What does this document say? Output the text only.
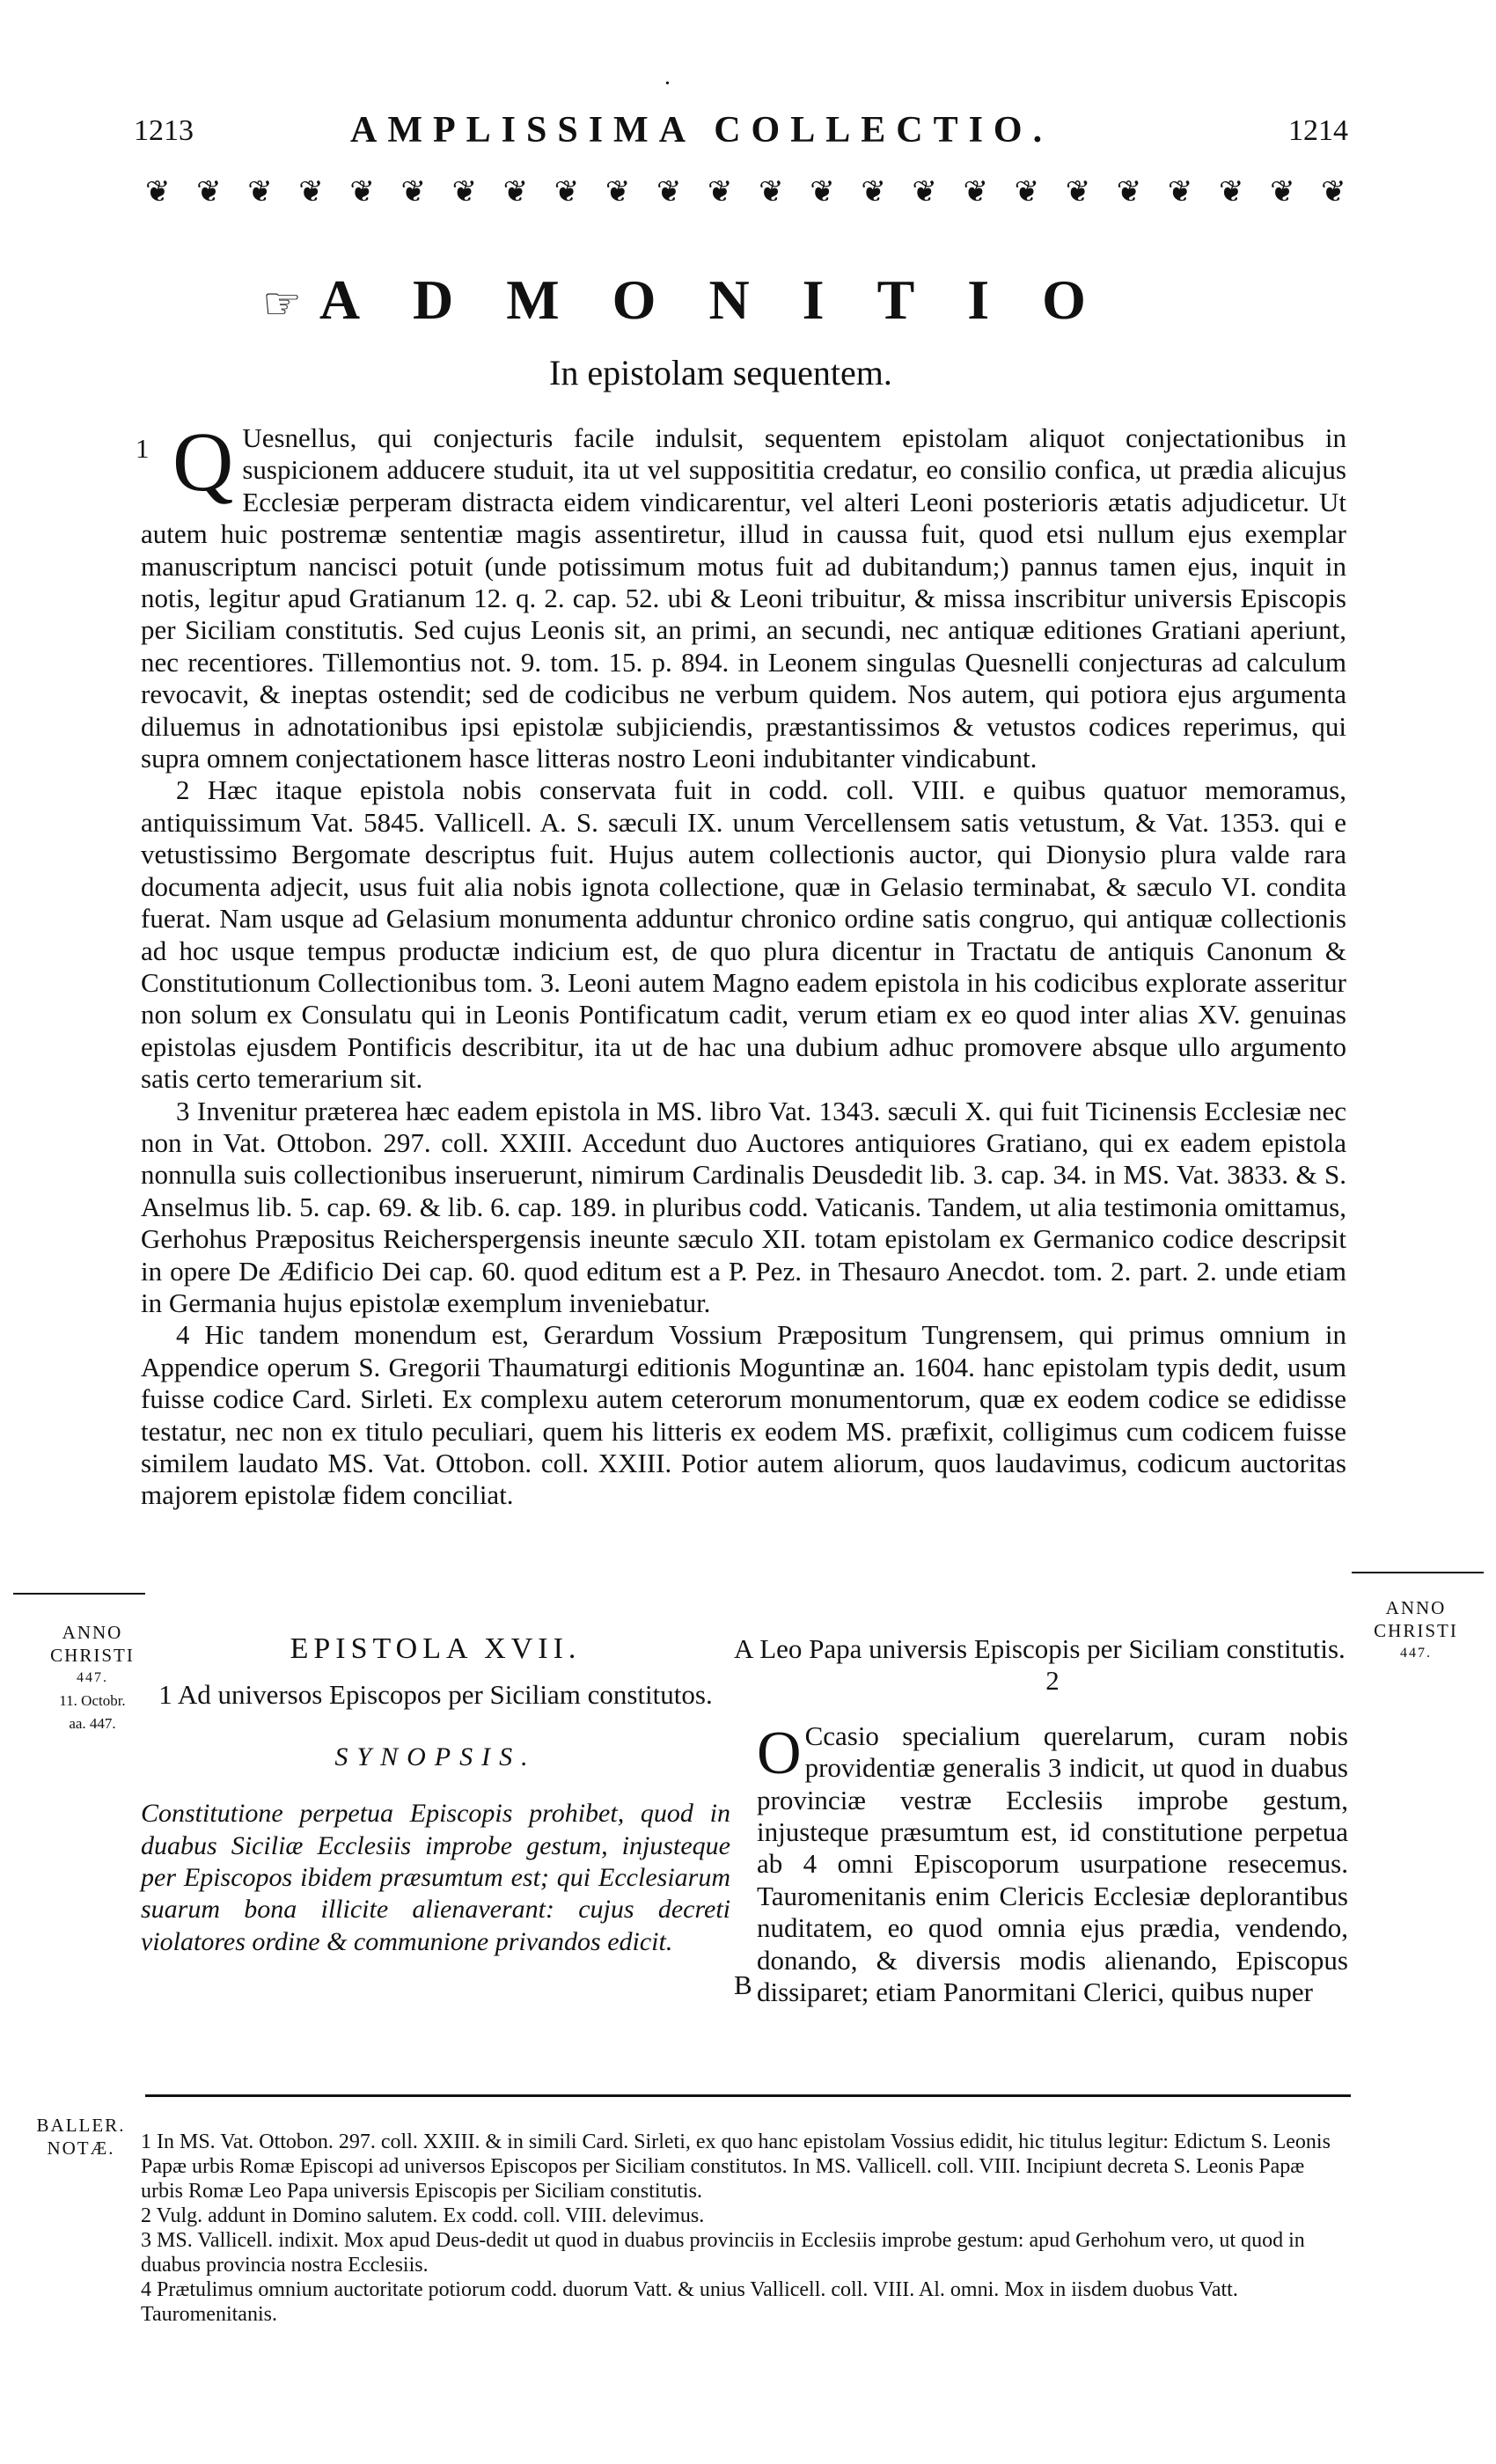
•
1213	AMPLISSIMA COLLECTIO.	1214
❦ ❦ ❦ ❦ ❦ ❦ ❦ ❦ ❦ ❦ ❦ ❦ ❦ ❦ ❦ ❦ ❦ ❦ ❦ ❦ ❦ ❦ ❦ ❦
☞ ADMONITIO
In epistolam sequentem.

1 Q Uesnellus, qui conjecturis facile indulsit, sequentem epistolam aliquot conjectationibus in suspicionem adducere studuit, ita ut vel supposititia credatur, eo consilio confica, ut prædia alicujus Ecclesiæ perperam distracta eidem vindicarentur, vel alteri Leoni posterioris ætatis adjudicetur. Ut autem huic postremæ sententiæ magis assentiretur, illud in caussa fuit, quod etsi nullum ejus exemplar manuscriptum nancisci potuit (unde potissimum motus fuit ad dubitandum;) pannus tamen ejus, inquit in notis, legitur apud Gratianum 12. q. 2. cap. 52. ubi & Leoni tribuitur, & missa inscribitur universis Episcopis per Siciliam constitutis. Sed cujus Leonis sit, an primi, an secundi, nec antiquæ editiones Gratiani aperiunt, nec recentiores. Tillemontius not. 9. tom. 15. p. 894. in Leonem singulas Quesnelli conjecturas ad calculum revocavit, & ineptas ostendit; sed de codicibus ne verbum quidem. Nos autem, qui potiora ejus argumenta diluemus in adnotationibus ipsi epistolæ subjiciendis, præstantissimos & vetustos codices reperimus, qui supra omnem conjectationem hasce litteras nostro Leoni indubitanter vindicabunt.

2 Hæc itaque epistola nobis conservata fuit in codd. coll. VIII. e quibus quatuor memoramus, antiquissimum Vat. 5845. Vallicell. A. S. sæculi IX. unum Vercellensem satis vetustum, & Vat. 1353. qui e vetustissimo Bergomate descriptus fuit. Hujus autem collectionis auctor, qui Dionysio plura valde rara documenta adjecit, usus fuit alia nobis ignota collectione, quæ in Gelasio terminabat, & sæculo VI. condita fuerat. Nam usque ad Gelasium monumenta adduntur chronico ordine satis congruo, qui antiquæ collectionis ad hoc usque tempus productæ indicium est, de quo plura dicentur in Tractatu de antiquis Canonum & Constitutionum Collectionibus tom. 3. Leoni autem Magno eadem epistola in his codicibus explorate asseritur non solum ex Consulatu qui in Leonis Pontificatum cadit, verum etiam ex eo quod inter alias XV. genuinas epistolas ejusdem Pontificis describitur, ita ut de hac una dubium adhuc promovere absque ullo argumento satis certo temerarium sit.

3 Invenitur præterea hæc eadem epistola in MS. libro Vat. 1343. sæculi X. qui fuit Ticinensis Ecclesiæ nec non in Vat. Ottobon. 297. coll. XXIII. Accedunt duo Auctores antiquiores Gratiano, qui ex eadem epistola nonnulla suis collectionibus inseruerunt, nimirum Cardinalis Deusdedit lib. 3. cap. 34. in MS. Vat. 3833. & S. Anselmus lib. 5. cap. 69. & lib. 6. cap. 189. in pluribus codd. Vaticanis. Tandem, ut alia testimonia omittamus, Gerhohus Præpositus Reicherspergensis ineunte sæculo XII. totam epistolam ex Germanico codice descripsit in opere De Ædificio Dei cap. 60. quod editum est a P. Pez. in Thesauro Anecdot. tom. 2. part. 2. unde etiam in Germania hujus epistolæ exemplum inveniebatur.

4 Hic tandem monendum est, Gerardum Vossium Præpositum Tungrensem, qui primus omnium in Appendice operum S. Gregorii Thaumaturgi editionis Moguntinæ an. 1604. hanc epistolam typis dedit, usum fuisse codice Card. Sirleti. Ex complexu autem ceterorum monumentorum, quæ ex eodem codice se edidisse testatur, nec non ex titulo peculiari, quem his litteris ex eodem MS. præfixit, colligimus cum codicem fuisse similem laudato MS. Vat. Ottobon. coll. XXIII. Potior autem aliorum, quos laudavimus, codicum auctoritas majorem epistolæ fidem conciliat.

ANNO
CHRISTI
447.
11. Octobr.
aa. 447.
ANNO
CHRISTI
447.
EPISTOLA XVII.
1 Ad universos Episcopos per Siciliam constitutos.
SYNOPSIS.
Constitutione perpetua Episcopis prohibet, quod in duabus Siciliæ Ecclesiis improbe gestum, injusteque per Episcopos ibidem præsumtum est; qui Ecclesiarum suarum bona illicite alienaverant: cujus decreti violatores ordine & communione privandos edicit.
A
B
Leo Papa universis Episcopis per Siciliam constitutis. 2
O Ccasio specialium querelarum, curam nobis providentiæ generalis 3 indicit, ut quod in duabus provinciæ vestræ Ecclesiis improbe gestum, injusteque præsumtum est, id constitutione perpetua ab 4 omni Episcoporum usurpatione resecemus. Tauromenitanis enim Clericis Ecclesiæ deplorantibus nuditatem, eo quod omnia ejus prædia, vendendo, donando, & diversis modis alienando, Episcopus dissiparet; etiam Panormitani Clerici, quibus nuper
BALLER.
NOTÆ.	1 In MS. Vat. Ottobon. 297. coll. XXIII. & in simili Card. Sirleti, ex quo hanc epistolam Vossius edidit, hic titulus legitur: Edictum S. Leonis Papæ urbis Romæ Episcopi ad universos Episcopos per Siciliam constitutos. In MS. Vallicell. coll. VIII. Incipiunt decreta S. Leonis Papæ urbis Romæ Leo Papa universis Episcopis per Siciliam constitutis.

2 Vulg. addunt in Domino salutem. Ex codd. coll. VIII. delevimus.

3 MS. Vallicell. indixit. Mox apud Deus-dedit ut quod in duabus provinciis in Ecclesiis improbe gestum: apud Gerhohum vero, ut quod in duabus provincia nostra Ecclesiis.

4 Prætulimus omnium auctoritate potiorum codd. duorum Vatt. & unius Vallicell. coll. VIII. Al. omni. Mox in iisdem duobus Vatt. Tauromenitanis.
